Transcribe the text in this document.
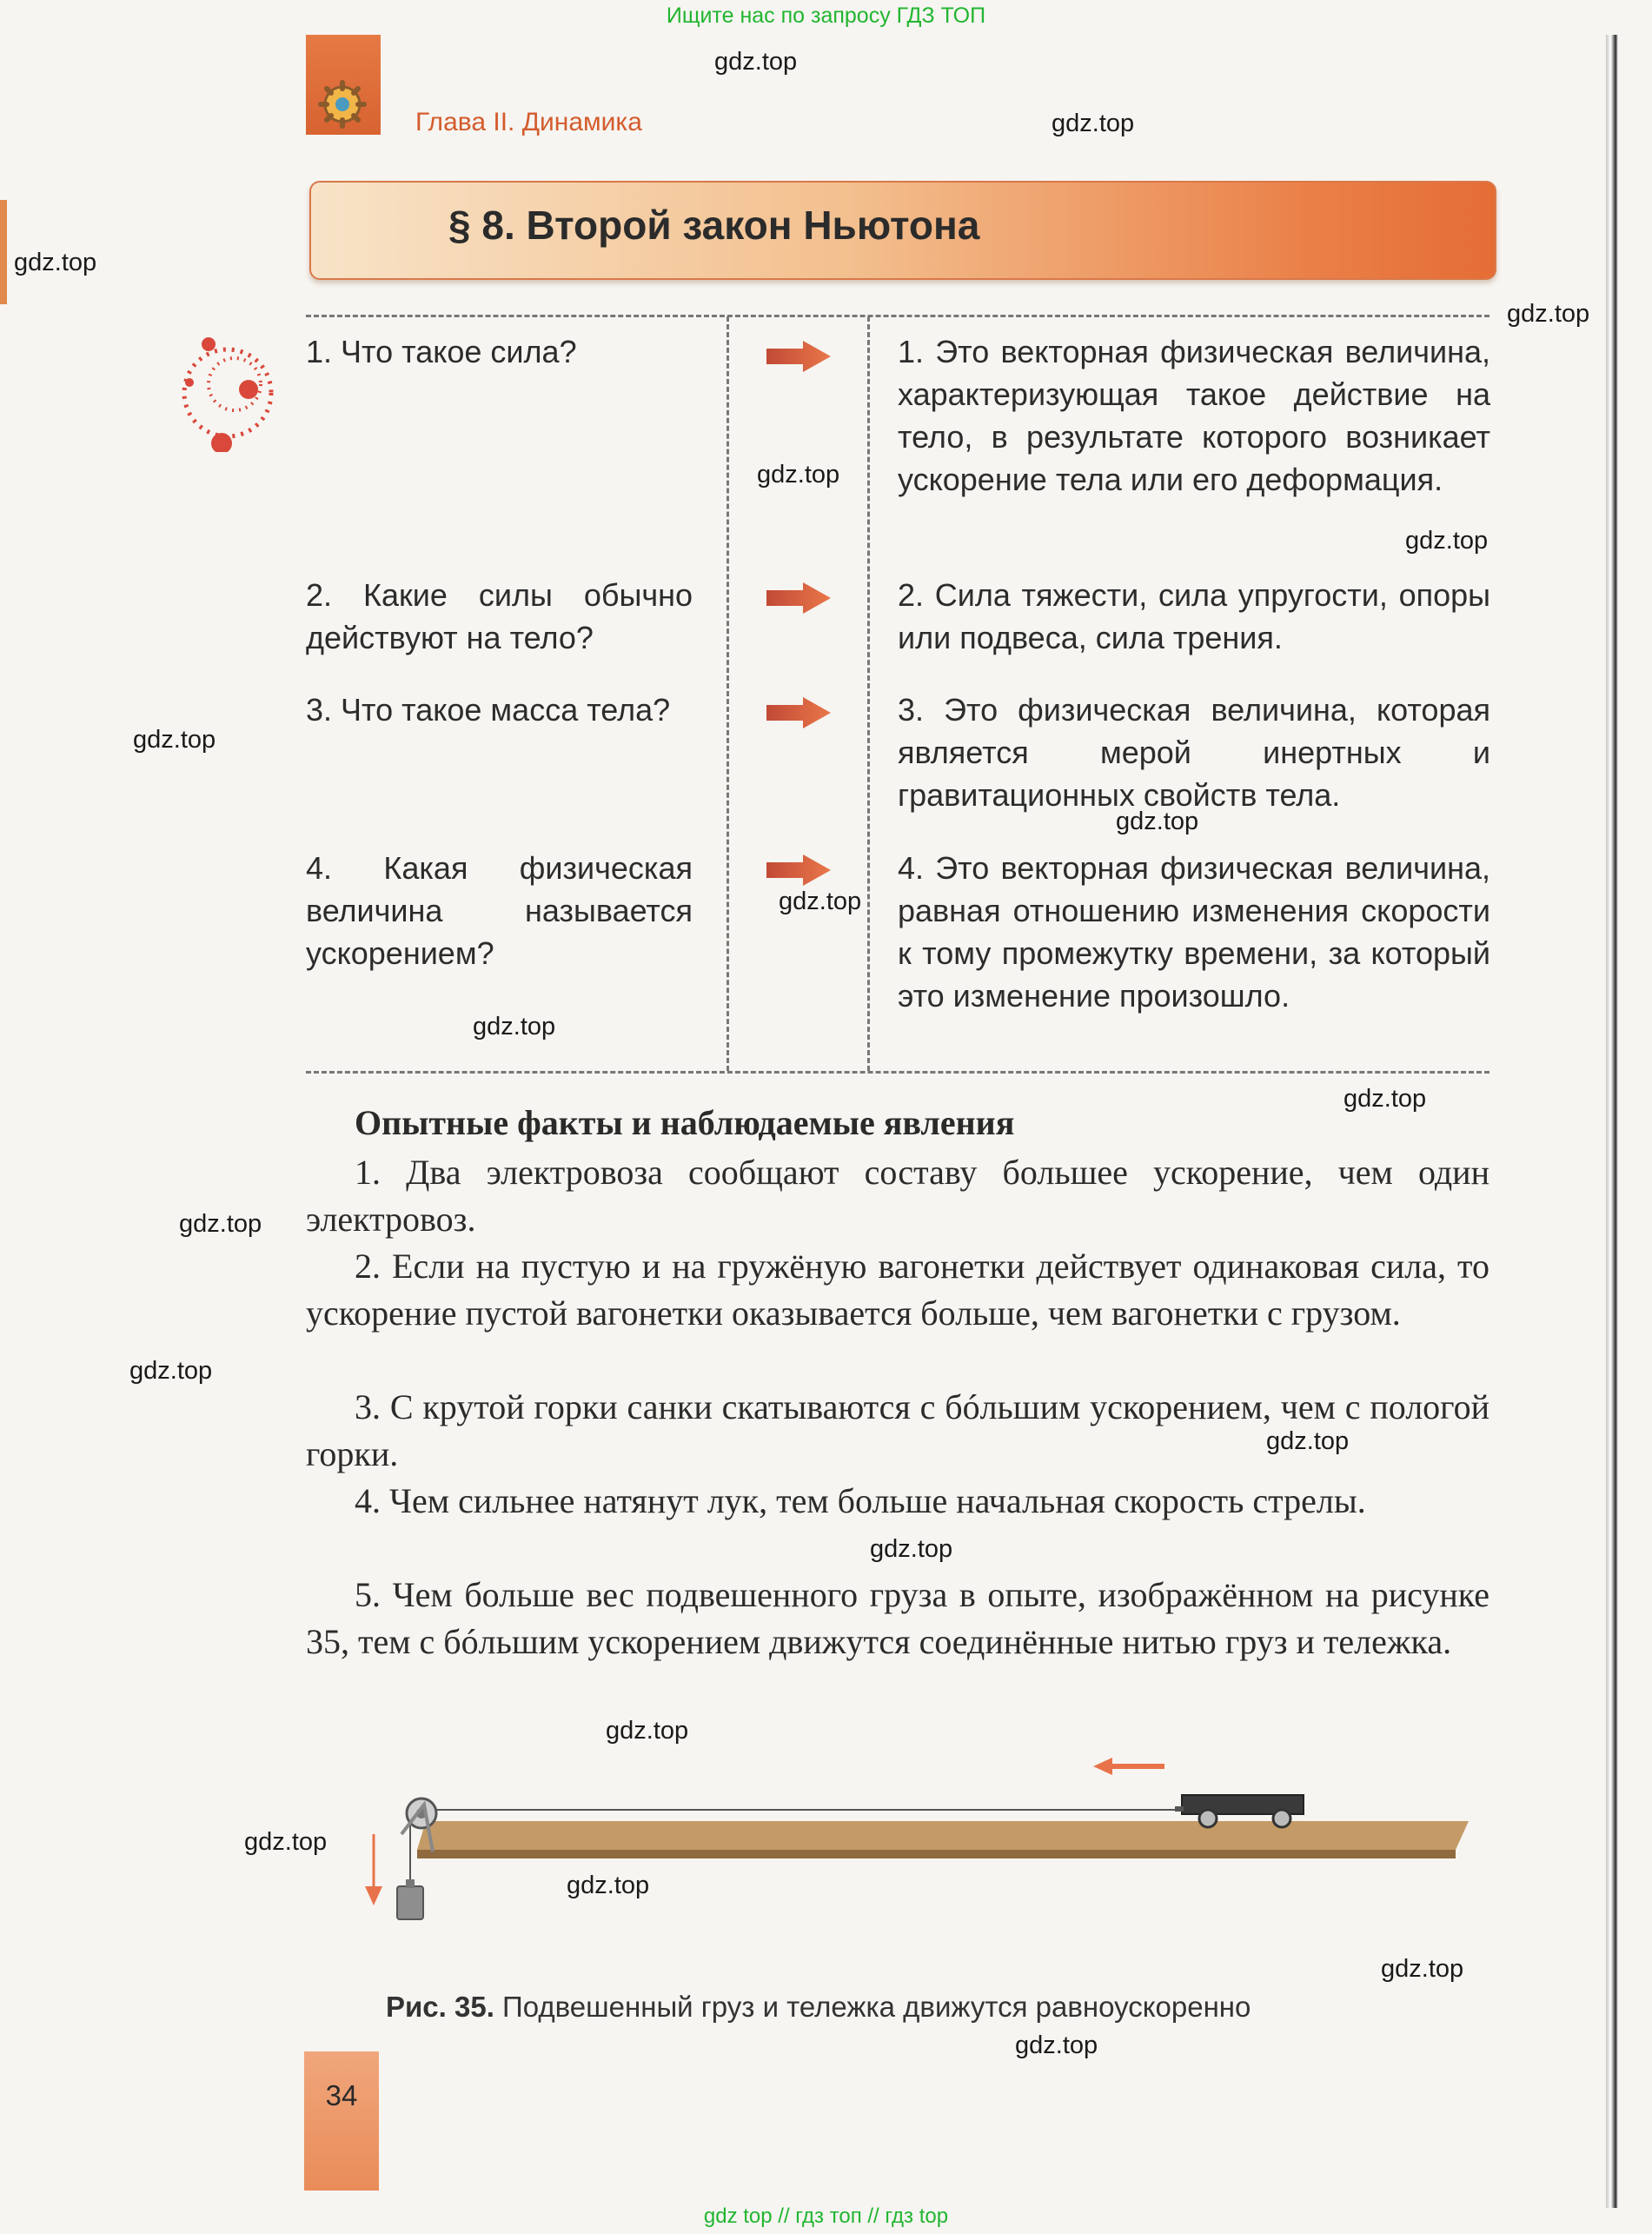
Ищите нас по запросу ГДЗ ТОП
Глава II. Динамика
§ 8. Второй закон Ньютона
1. Что такое сила?
2. Какие силы обычно действуют на тело?
3. Что такое масса тела?
4. Какая физическая величина называется ускорением?
1. Это векторная физическая величина, характеризующая такое действие на тело, в результате которого возникает ускорение тела или его деформация.
2. Сила тяжести, сила упругости, опоры или подвеса, сила трения.
3. Это физическая величина, которая является мерой инертных и гравитационных свойств тела.
4. Это векторная физическая величина, равная отношению изменения скорости к тому промежутку времени, за который это изменение произошло.
Опытные факты и наблюдаемые явления
1. Два электровоза сообщают составу большее ускорение, чем один электровоз.
2. Если на пустую и на гружёную вагонетки действует одинаковая сила, то ускорение пустой вагонетки оказывается больше, чем вагонетки с грузом.
3. С крутой горки санки скатываются с бóльшим ускорением, чем с пологой горки.
4. Чем сильнее натянут лук, тем больше начальная скорость стрелы.
5. Чем больше вес подвешенного груза в опыте, изображённом на рисунке 35, тем с бóльшим ускорением движутся соединённые нитью груз и тележка.
Рис. 35. Подвешенный груз и тележка движутся равноускоренно
34
gdz.top
gdz.top
gdz.top
gdz.top
gdz.top
gdz.top
gdz.top
gdz.top
gdz.top
gdz.top
gdz.top
gdz.top
gdz.top
gdz.top
gdz.top
gdz.top
gdz.top
gdz.top
gdz.top
gdz.top
gdz top // гдз топ // гдз top
